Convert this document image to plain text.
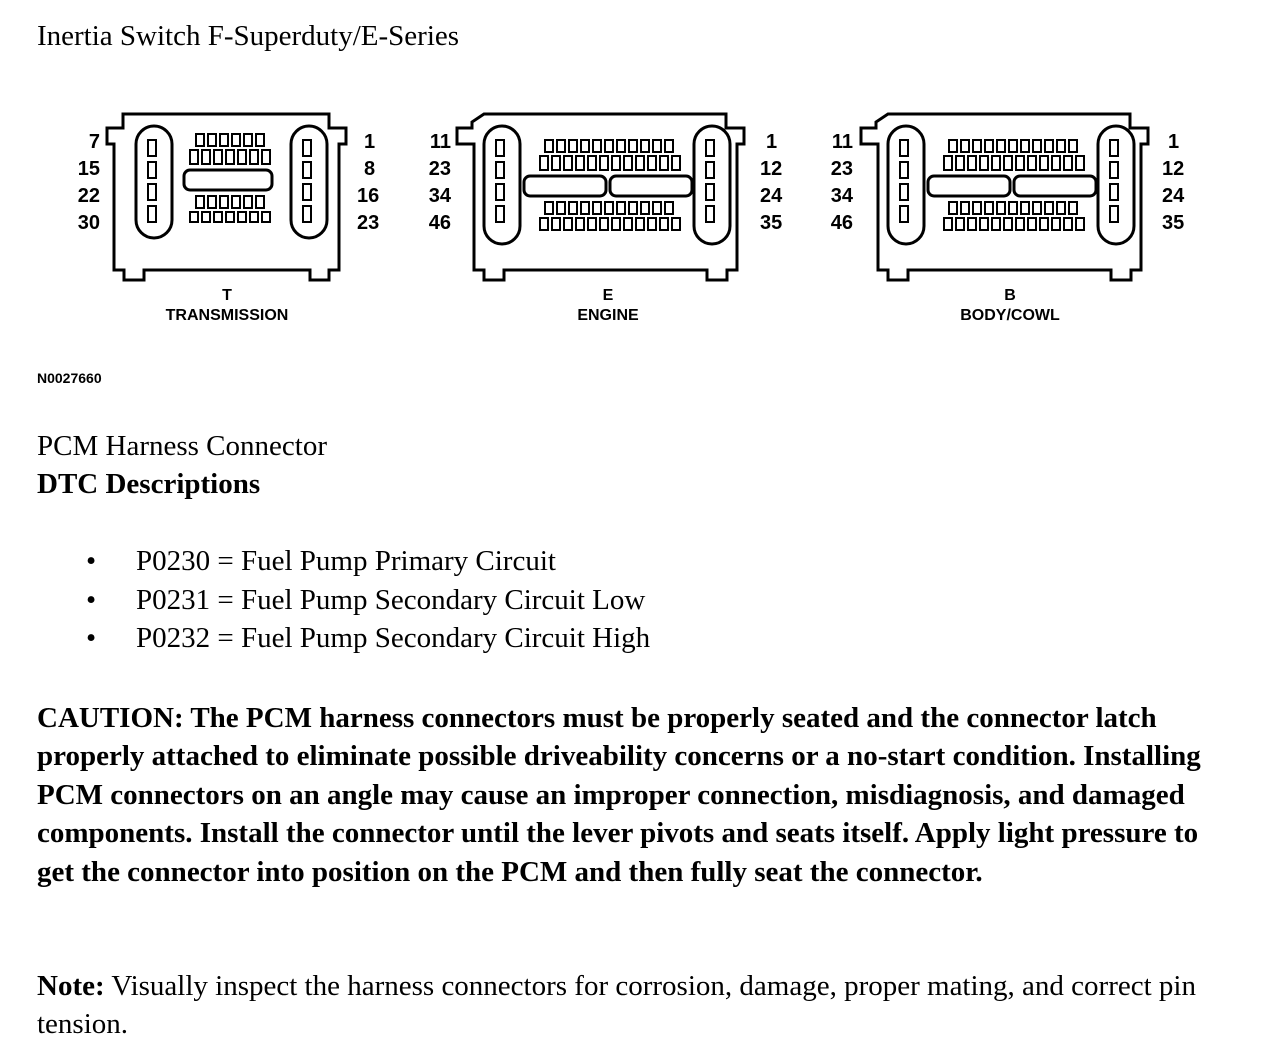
Inertia Switch F-Superduty/E-Series
7
15
22
30
1
8
16
23
T
TRANSMISSION
11
23
34
46
1
12
24
35
E
ENGINE
11
23
34
46
1
12
24
35
B
BODY/COWL
N0027660
PCM Harness Connector
DTC Descriptions
• P0230 = Fuel Pump Primary Circuit
• P0231 = Fuel Pump Secondary Circuit Low
• P0232 = Fuel Pump Secondary Circuit High

CAUTION: The PCM harness connectors must be properly seated and the connector latch properly attached to eliminate possible driveability concerns or a no-start condition. Installing PCM connectors on an angle may cause an improper connection, misdiagnosis, and damaged components. Install the connector until the lever pivots and seats itself. Apply light pressure to get the connector into position on the PCM and then fully seat the connector.

Note: Visually inspect the harness connectors for corrosion, damage, proper mating, and correct pin tension.
